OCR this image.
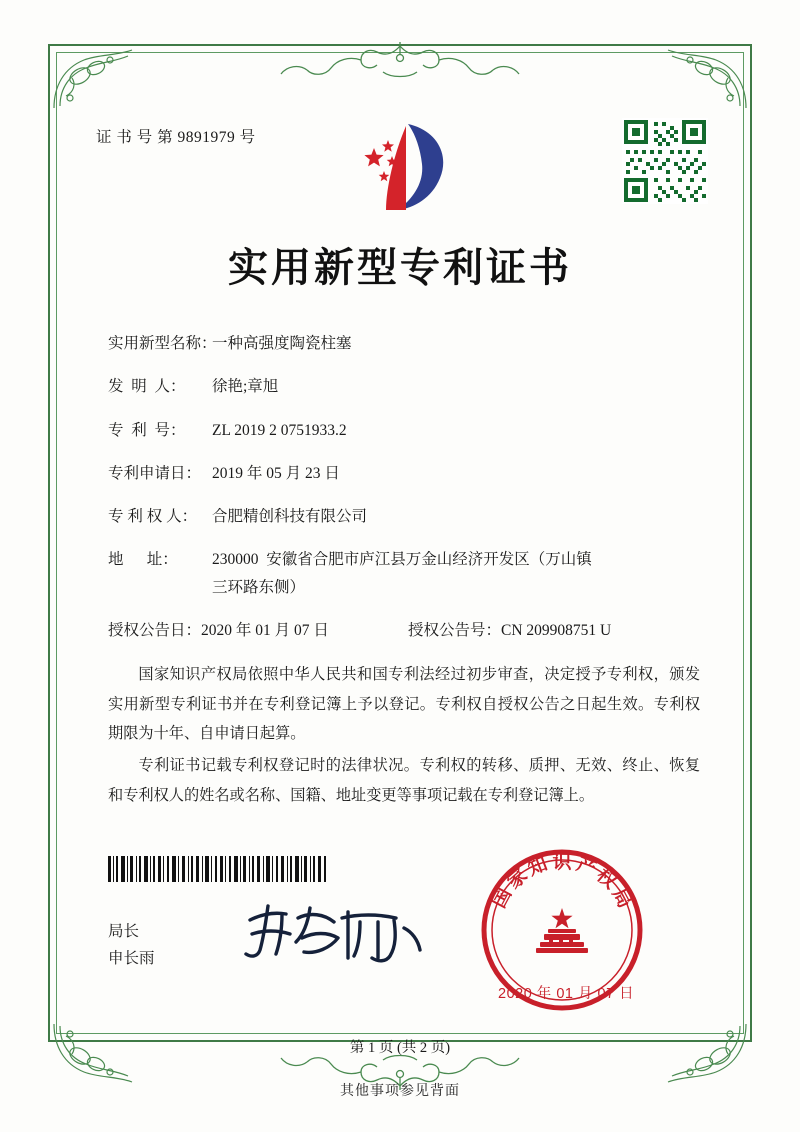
证 书 号 第 9891979 号
实用新型专利证书
实用新型名称：
一种高强度陶瓷柱塞
发  明  人：	徐艳;章旭
专  利  号：	ZL 2019 2 0751933.2
专利申请日： 2019 年 05 月 23 日
专 利 权 人： 合肥精创科技有限公司
地      址：	230000  安徽省合肥市庐江县万金山经济开发区（万山镇
三环路东侧）
授权公告日： 2020 年 01 月 07 日	授权公告号： CN 209908751 U

国家知识产权局依照中华人民共和国专利法经过初步审查，决定授予专利权，颁发实用新型专利证书并在专利登记簿上予以登记。专利权自授权公告之日起生效。专利权期限为十年、自申请日起算。

专利证书记载专利权登记时的法律状况。专利权的转移、质押、无效、终止、恢复和专利权人的姓名或名称、国籍、地址变更等事项记载在专利登记簿上。

局长
申长雨
国
家
知 识 产
权
局
2020 年 01 月 07 日
第 1 页 (共 2 页)
其他事项参见背面
